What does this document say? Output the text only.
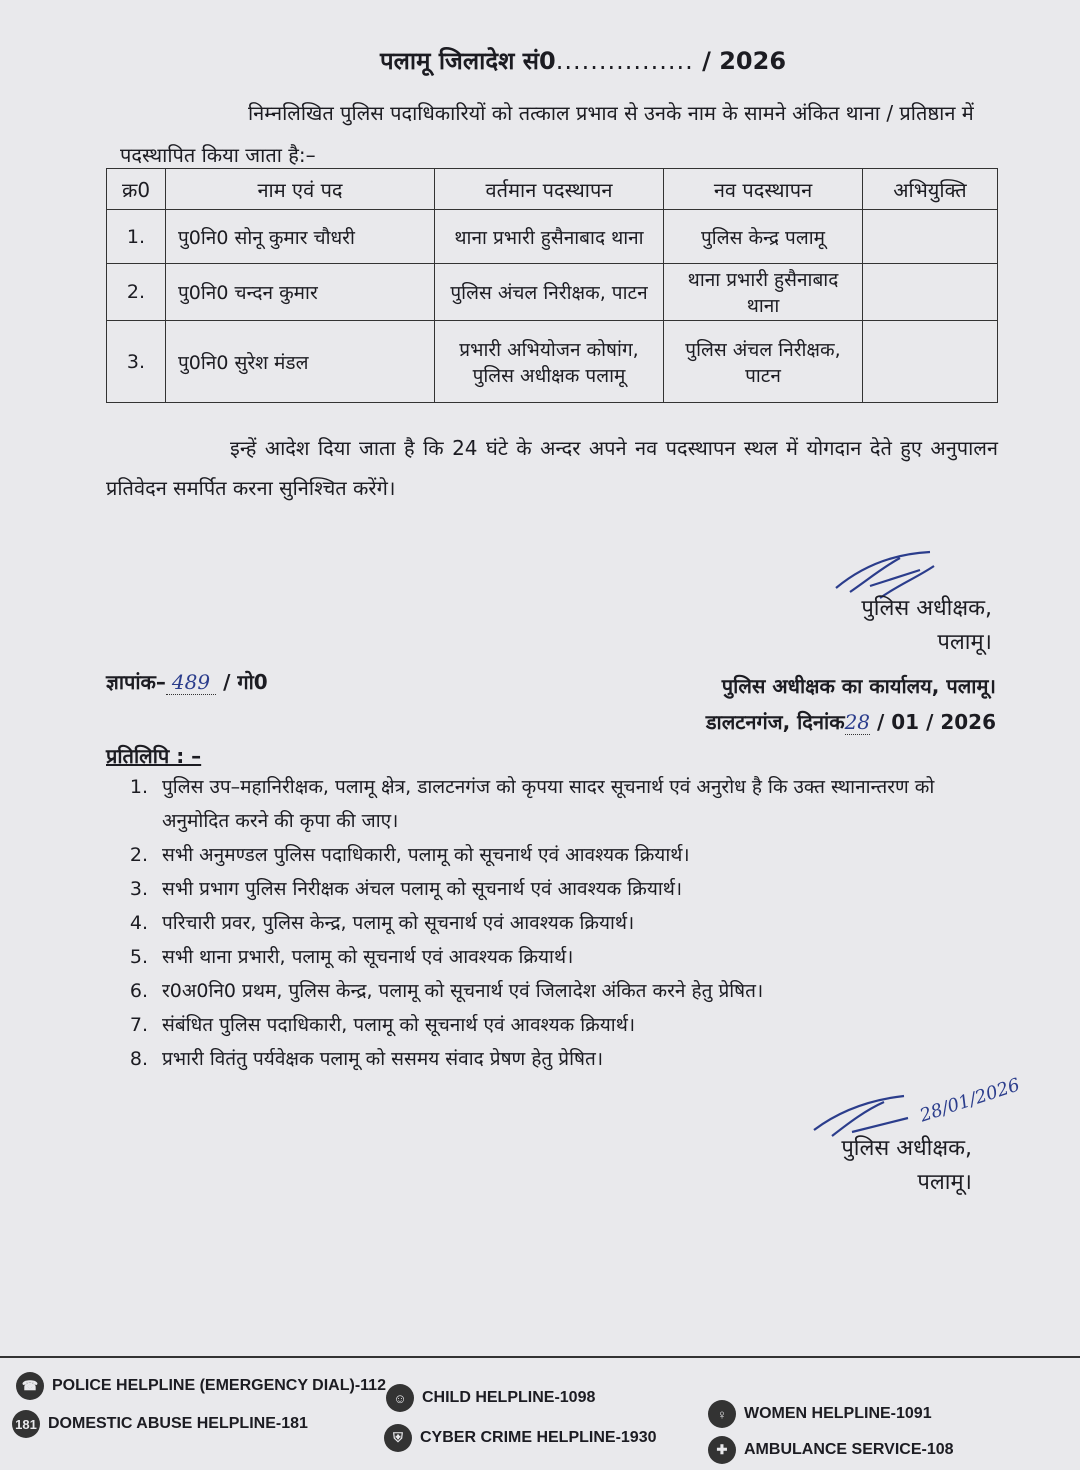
पलामू जिलादेश सं0................ / 2026
निम्नलिखित पुलिस पदाधिकारियों को तत्काल प्रभाव से उनके नाम के सामने अंकित थाना / प्रतिष्ठान में पदस्थापित किया जाता है:–
क्र0	नाम एवं पद	वर्तमान पदस्थापन	नव पदस्थापन	अभियुक्ति
1.	पु0नि0 सोनू कुमार चौधरी	थाना प्रभारी हुसैनाबाद थाना	पुलिस केन्द्र पलामू	
2.	पु0नि0 चन्दन कुमार	पुलिस अंचल निरीक्षक, पाटन	थाना प्रभारी हुसैनाबाद थाना	
3.	पु0नि0 सुरेश मंडल	प्रभारी अभियोजन कोषांग, पुलिस अधीक्षक पलामू	पुलिस अंचल निरीक्षक, पाटन	
इन्हें आदेश दिया जाता है कि 24 घंटे के अन्दर अपने नव पदस्थापन स्थल में योगदान देते हुए अनुपालन प्रतिवेदन समर्पित करना सुनिश्चित करेंगे।
पुलिस अधीक्षक,
पलामू।
ज्ञापांक– 489 / गो0	पुलिस अधीक्षक का कार्यालय, पलामू।
डालटनगंज, दिनांक28 / 01 / 2026
प्रतिलिपि : –
1. पुलिस उप–महानिरीक्षक, पलामू क्षेत्र, डालटनगंज को कृपया सादर सूचनार्थ एवं अनुरोध है कि उक्त स्थानान्तरण को अनुमोदित करने की कृपा की जाए।
2. सभी अनुमण्डल पुलिस पदाधिकारी, पलामू को सूचनार्थ एवं आवश्यक क्रियार्थ।
3. सभी प्रभाग पुलिस निरीक्षक अंचल पलामू को सूचनार्थ एवं आवश्यक क्रियार्थ।
4. परिचारी प्रवर, पुलिस केन्द्र, पलामू को सूचनार्थ एवं आवश्यक क्रियार्थ।
5. सभी थाना प्रभारी, पलामू को सूचनार्थ एवं आवश्यक क्रियार्थ।
6. र0अ0नि0 प्रथम, पुलिस केन्द्र, पलामू को सूचनार्थ एवं जिलादेश अंकित करने हेतु प्रेषित।
7. संबंधित पुलिस पदाधिकारी, पलामू को सूचनार्थ एवं आवश्यक क्रियार्थ।
8. प्रभारी वितंतु पर्यवेक्षक पलामू को ससमय संवाद प्रेषण हेतु प्रेषित।
28/01/2026
पुलिस अधीक्षक,
पलामू।
☎ POLICE HELPLINE (EMERGENCY DIAL)-112
181 DOMESTIC ABUSE HELPLINE-181
☺ CHILD HELPLINE-1098
⛨	CYBER CRIME HELPLINE-1930
♀	WOMEN HELPLINE-1091
✚	AMBULANCE SERVICE-108
